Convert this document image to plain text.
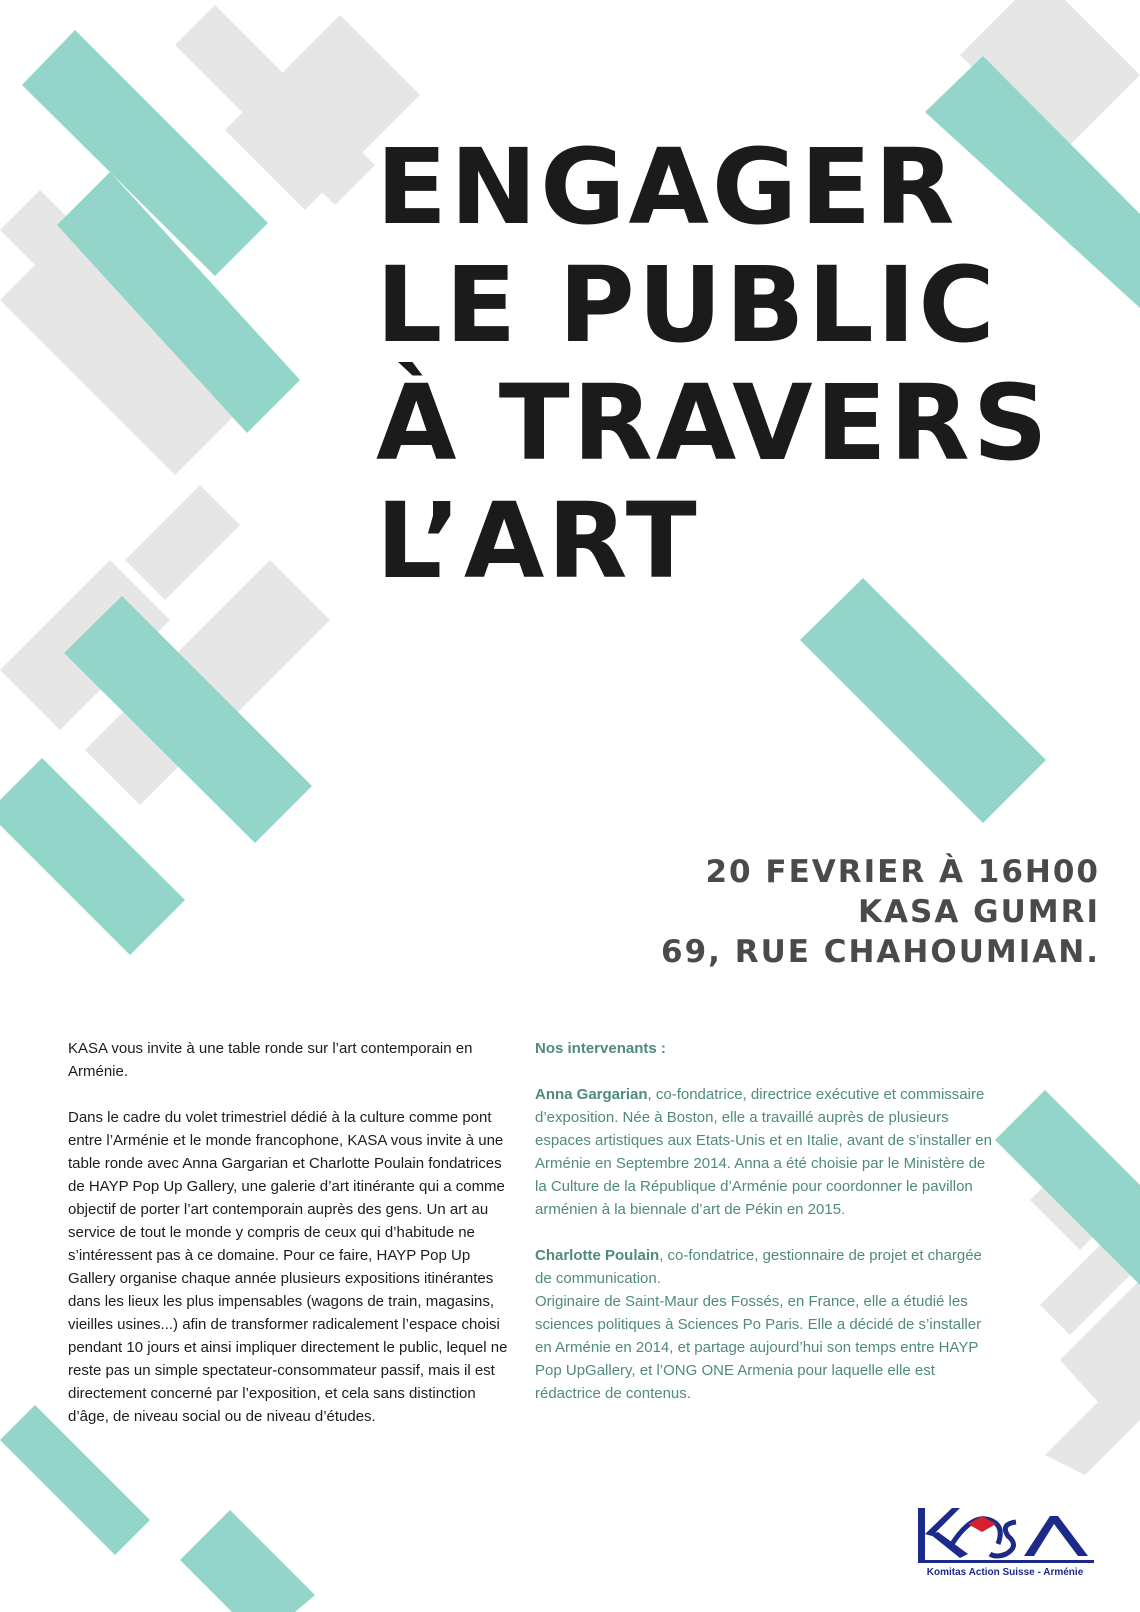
ENGAGER
LE PUBLIC
À TRAVERS
L’ART
20 FEVRIER À 16H00
KASA GUMRI
69, RUE CHAHOUMIAN.

KASA vous invite à une table ronde sur l’art contemporain en Arménie.

Dans le cadre du volet trimestriel dédié à la culture comme pont entre l’Arménie et le monde francophone, KASA vous invite à une table ronde avec Anna Gargarian et Charlotte Poulain fondatrices de HAYP Pop Up Gallery, une galerie d’art itinérante qui a comme objectif de porter l’art contemporain auprès des gens. Un art au service de tout le monde y compris de ceux qui d’habitude ne s’intéressent pas à ce domaine. Pour ce faire, HAYP Pop Up Gallery organise chaque année plusieurs expositions itinérantes dans les lieux les plus impensables (wagons de train, magasins, vieilles usines...) afin de transformer radicalement l’espace choisi pendant 10 jours et ainsi impliquer directement le public, lequel ne reste pas un simple spectateur-consommateur passif, mais il est directement concerné par l’exposition, et cela sans distinction d’âge, de niveau social ou de niveau d’études.

Nos intervenants :

Anna Gargarian, co-fondatrice, directrice exécutive et commissaire d’exposition. Née à Boston, elle a travaillé auprès de plusieurs espaces artistiques aux Etats-Unis et en Italie, avant de s’installer en Arménie en Septembre 2014. Anna a été choisie par le Ministère de la Culture de la République d’Arménie pour coordonner le pavillon arménien à la biennale d’art de Pékin en 2015.

Charlotte Poulain, co-fondatrice, gestionnaire de projet et chargée de communication.
Originaire de Saint-Maur des Fossés, en France, elle a étudié les sciences politiques à Sciences Po Paris. Elle a décidé de s’installer en Arménie en 2014, et partage aujourd’hui son temps entre HAYP Pop UpGallery, et l’ONG ONE Armenia pour laquelle elle est rédactrice de contenus.

Komitas Action Suisse - Arménie
